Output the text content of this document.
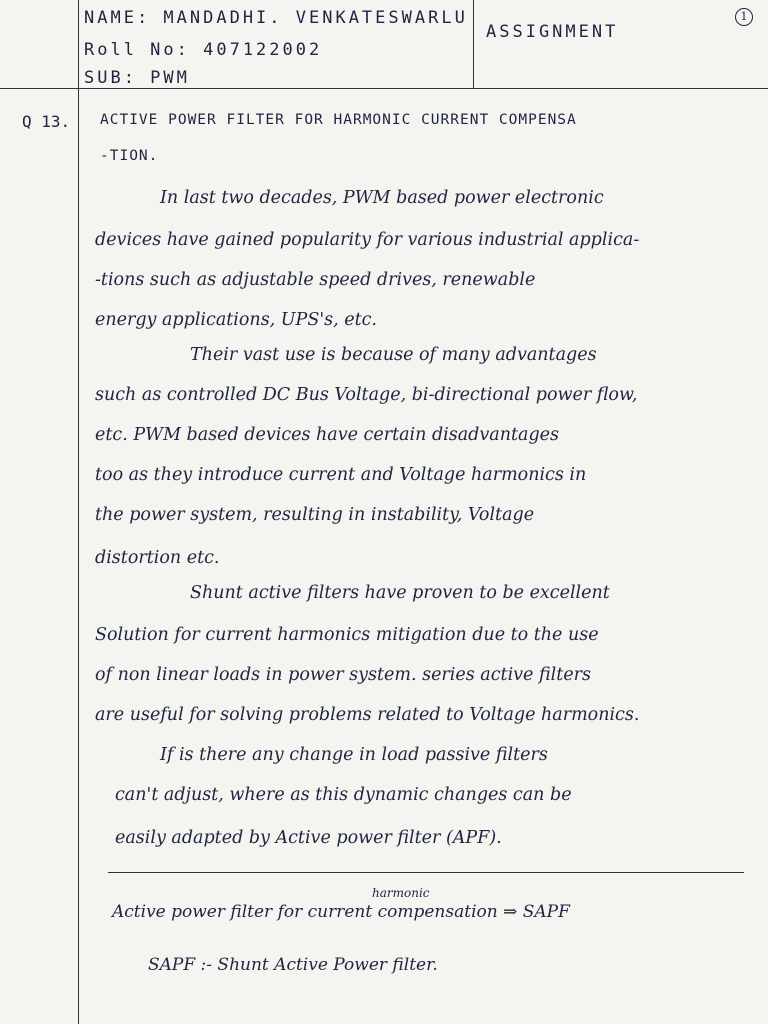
NAME: MANDADHI. VENKATESWARLU
Roll No: 407122002
SUB: PWM
ASSIGNMENT
1
Q 13. ACTIVE POWER FILTER FOR HARMONIC CURRENT COMPENSA
-TION.
In last two decades, PWM based power electronic
devices have gained popularity for various industrial applica-
-tions such as adjustable speed drives, renewable
energy applications, UPS's, etc.
Their vast use is because of many advantages
such as controlled DC Bus Voltage, bi-directional power flow,
etc. PWM based devices have certain disadvantages
too as they introduce current and Voltage harmonics in
the power system, resulting in instability, Voltage
distortion etc.
Shunt active filters have proven to be excellent
Solution for current harmonics mitigation due to the use
of non linear loads in power system. series active filters
are useful for solving problems related to Voltage harmonics.
If is there any change in load passive filters
can't adjust, where as this dynamic changes can be
easily adapted by Active power filter (APF).
harmonic
Active power filter for current compensation ⇒ SAPF
SAPF :- Shunt Active Power filter.
